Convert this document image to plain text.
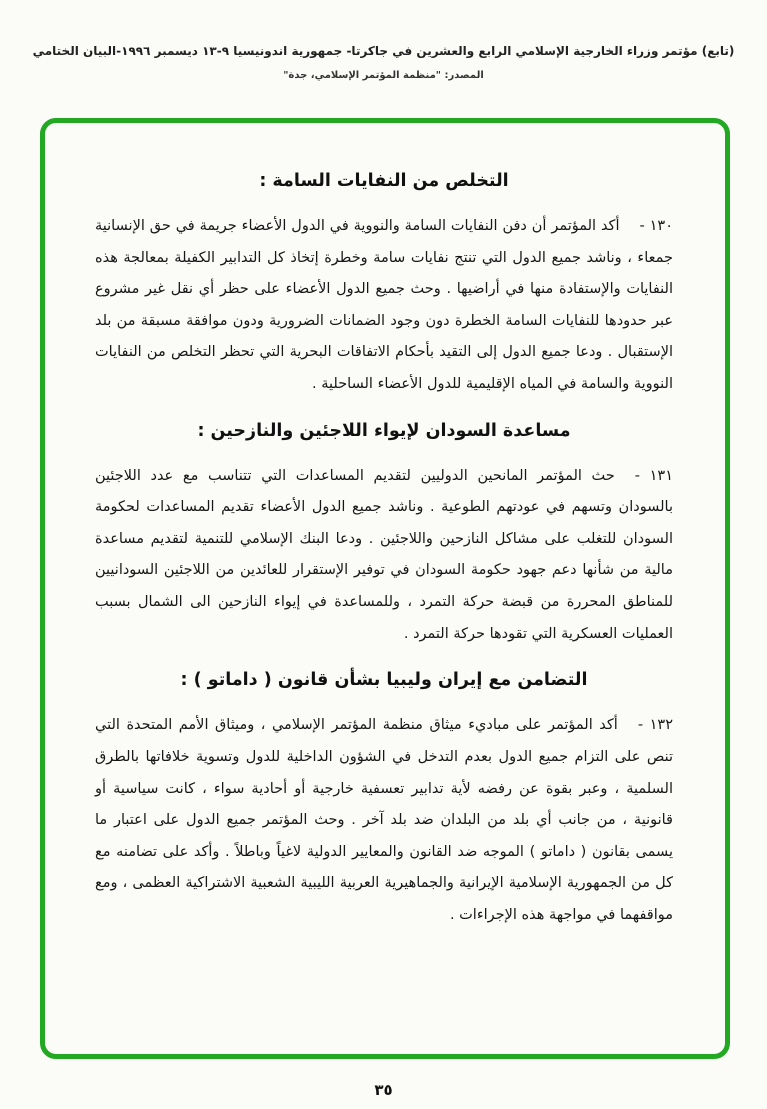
(تابع) مؤتمر وزراء الخارجية الإسلامي الرابع والعشرين في جاكرتا- جمهورية اندونيسيا ٩-١٣ ديسمبر ١٩٩٦-البيان الختامي
المصدر: "منظمة المؤتمر الإسلامي، جدة"
التخلص من النفايات السامة :

١٣٠ -أكد المؤتمر أن دفن النفايات السامة والنووية في الدول الأعضاء جريمة في حق الإنسانية جمعاء ، وناشد جميع الدول التي تنتج نفايات سامة وخطرة إتخاذ كل التدابير الكفيلة بمعالجة هذه النفايات والإستفادة منها في أراضيها . وحث جميع الدول الأعضاء على حظر أي نقل غير مشروع عبر حدودها للنفايات السامة الخطرة دون وجود الضمانات الضرورية ودون موافقة مسبقة من بلد الإستقبال . ودعا جميع الدول إلى التقيد بأحكام الاتفاقات البحرية التي تحظر التخلص من النفايات النووية والسامة في المياه الإقليمية للدول الأعضاء الساحلية .

مساعدة السودان لإيواء اللاجئين والنازحين :

١٣١ -حث المؤتمر المانحين الدوليين لتقديم المساعدات التي تتناسب مع عدد اللاجئين بالسودان وتسهم في عودتهم الطوعية . وناشد جميع الدول الأعضاء تقديم المساعدات لحكومة السودان للتغلب على مشاكل النازحين واللاجئين . ودعا البنك الإسلامي للتنمية لتقديم مساعدة مالية من شأنها دعم جهود حكومة السودان في توفير الإستقرار للعائدين من اللاجئين السودانيين للمناطق المحررة من قبضة حركة التمرد ، وللمساعدة في إيواء النازحين الى الشمال بسبب العمليات العسكرية التي تقودها حركة التمرد .

التضامن مع إيران وليبيا بشأن قانون ( داماتو ) :

١٣٢ -أكد المؤتمر على مباديء ميثاق منظمة المؤتمر الإسلامي ، وميثاق الأمم المتحدة التي تنص على التزام جميع الدول بعدم التدخل في الشؤون الداخلية للدول وتسوية خلافاتها بالطرق السلمية ، وعبر بقوة عن رفضه لأية تدابير تعسفية خارجية أو أحادية سواء ، كانت سياسية أو قانونية ، من جانب أي بلد من البلدان ضد بلد آخر . وحث المؤتمر جميع الدول على اعتبار ما يسمى بقانون ( داماتو ) الموجه ضد القانون والمعايير الدولية لاغياً وباطلاً . وأكد على تضامنه مع كل من الجمهورية الإسلامية الإيرانية والجماهيرية العربية الليبية الشعبية الاشتراكية العظمى ، ومع مواقفهما في مواجهة هذه الإجراءات .

٣٥
